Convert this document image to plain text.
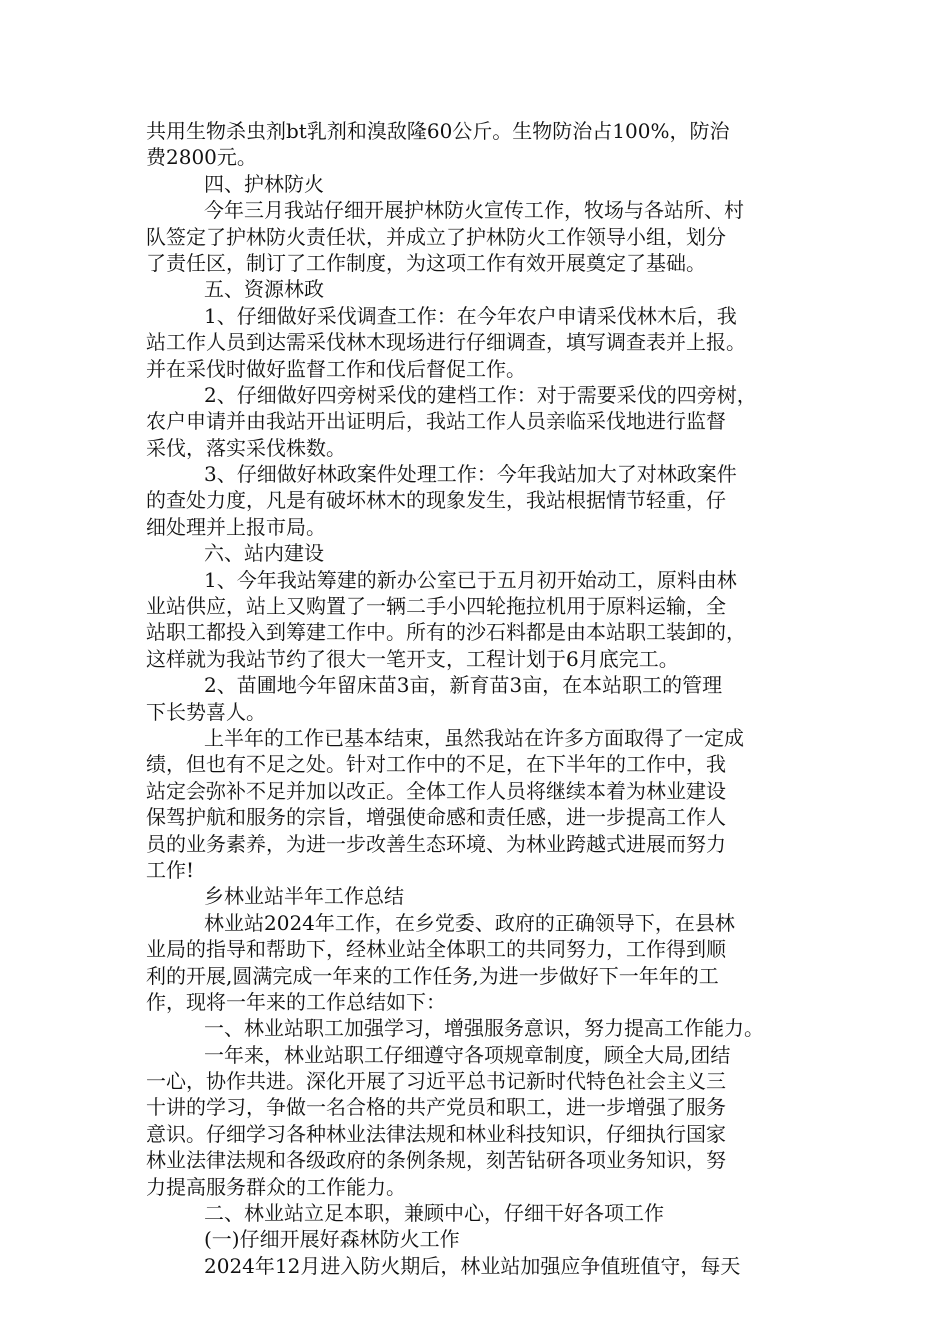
共用生物杀虫剂bt乳剂和溴敌隆60公斤。生物防治占100%，防治
费2800元。
四、护林防火
今年三月我站仔细开展护林防火宣传工作，牧场与各站所、村
队签定了护林防火责任状，并成立了护林防火工作领导小组，划分
了责任区，制订了工作制度，为这项工作有效开展奠定了基础。
五、资源林政
1、仔细做好采伐调查工作：在今年农户申请采伐林木后，我
站工作人员到达需采伐林木现场进行仔细调查，填写调查表并上报。
并在采伐时做好监督工作和伐后督促工作。
2、仔细做好四旁树采伐的建档工作：对于需要采伐的四旁树，
农户申请并由我站开出证明后，我站工作人员亲临采伐地进行监督
采伐，落实采伐株数。
3、仔细做好林政案件处理工作：今年我站加大了对林政案件
的查处力度，凡是有破坏林木的现象发生，我站根据情节轻重，仔
细处理并上报市局。
六、站内建设
1、今年我站筹建的新办公室已于五月初开始动工，原料由林
业站供应，站上又购置了一辆二手小四轮拖拉机用于原料运输，全
站职工都投入到筹建工作中。所有的沙石料都是由本站职工装卸的，
这样就为我站节约了很大一笔开支，工程计划于6月底完工。
2、苗圃地今年留床苗3亩，新育苗3亩，在本站职工的管理
下长势喜人。
上半年的工作已基本结束，虽然我站在许多方面取得了一定成
绩，但也有不足之处。针对工作中的不足，在下半年的工作中，我
站定会弥补不足并加以改正。全体工作人员将继续本着为林业建设
保驾护航和服务的宗旨，增强使命感和责任感，进一步提高工作人
员的业务素养，为进一步改善生态环境、为林业跨越式进展而努力
工作!
乡林业站半年工作总结
林业站2024年工作，在乡党委、政府的正确领导下，在县林
业局的指导和帮助下，经林业站全体职工的共同努力，工作得到顺
利的开展,圆满完成一年来的工作任务,为进一步做好下一年年的工
作，现将一年来的工作总结如下：
一、林业站职工加强学习，增强服务意识，努力提高工作能力。
一年来，林业站职工仔细遵守各项规章制度，顾全大局,团结
一心，协作共进。深化开展了习近平总书记新时代特色社会主义三
十讲的学习，争做一名合格的共产党员和职工，进一步增强了服务
意识。仔细学习各种林业法律法规和林业科技知识，仔细执行国家
林业法律法规和各级政府的条例条规，刻苦钻研各项业务知识，努
力提高服务群众的工作能力。
二、林业站立足本职，兼顾中心，仔细干好各项工作
(一)仔细开展好森林防火工作
2024年12月进入防火期后，林业站加强应争值班值守，每天
